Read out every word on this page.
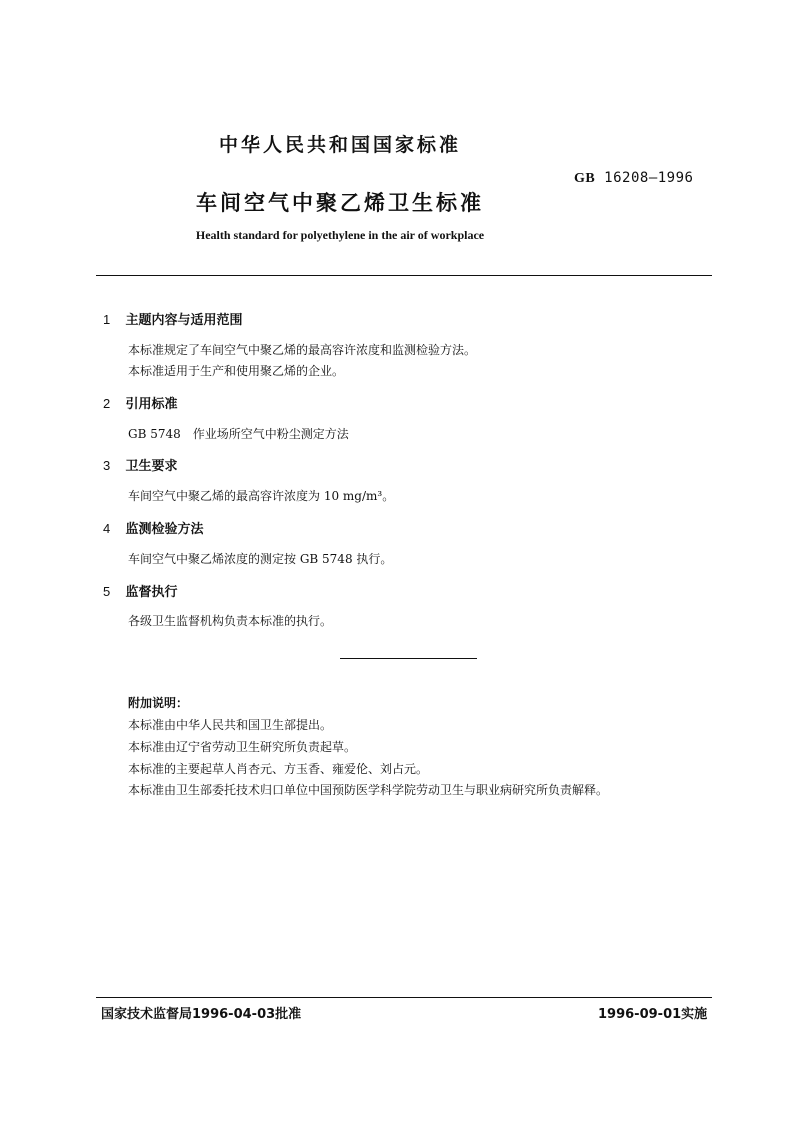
中华人民共和国国家标准
GB 16208—1996
车间空气中聚乙烯卫生标准
Health standard for polyethylene in the air of workplace
1 主题内容与适用范围
本标准规定了车间空气中聚乙烯的最高容许浓度和监测检验方法。
本标准适用于生产和使用聚乙烯的企业。
2 引用标准
GB 5748　作业场所空气中粉尘测定方法
3 卫生要求
车间空气中聚乙烯的最高容许浓度为 10 mg/m³。
4 监测检验方法
车间空气中聚乙烯浓度的测定按 GB 5748 执行。
5 监督执行
各级卫生监督机构负责本标准的执行。
附加说明：
本标准由中华人民共和国卫生部提出。
本标准由辽宁省劳动卫生研究所负责起草。
本标准的主要起草人肖杏元、方玉香、雍爱伦、刘占元。
本标准由卫生部委托技术归口单位中国预防医学科学院劳动卫生与职业病研究所负责解释。
国家技术监督局1996-04-03批准	1996-09-01实施
